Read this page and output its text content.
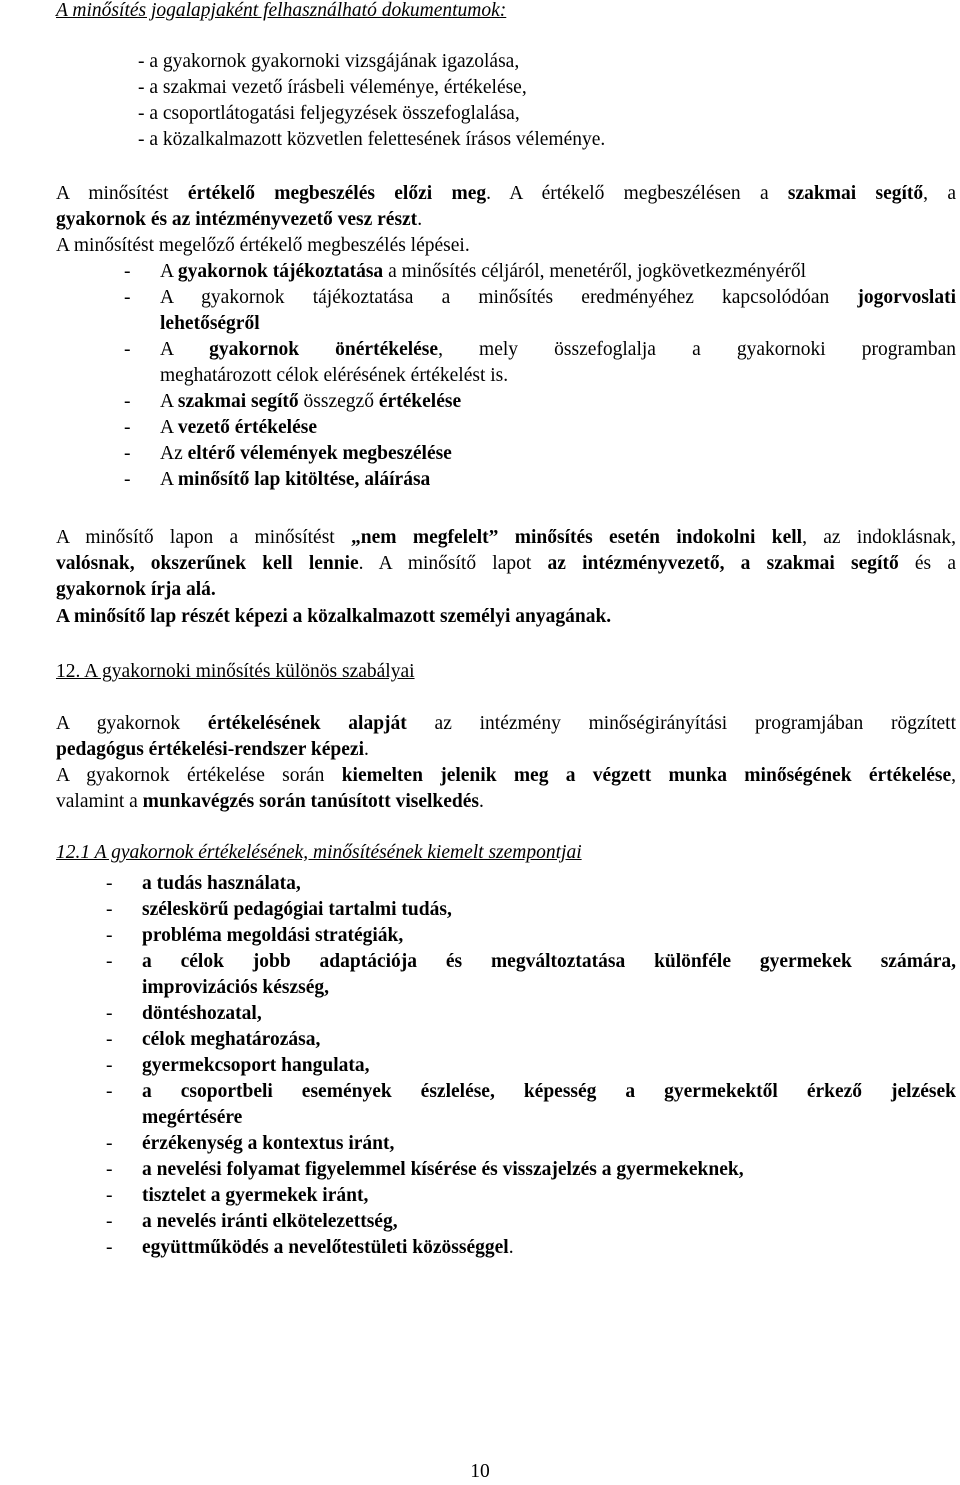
A minősítés jogalapjaként felhasználható dokumentumok:
- a gyakornok gyakornoki vizsgájának igazolása,
- a szakmai vezető írásbeli véleménye, értékelése,
- a csoportlátogatási feljegyzések összefoglalása,
- a közalkalmazott közvetlen felettesének írásos véleménye.
A minősítést értékelő megbeszélés előzi meg. A értékelő megbeszélésen a szakmai segítő, a
gyakornok és az intézményvezető vesz részt.
A minősítést megelőző értékelő megbeszélés lépései.
-	A gyakornok tájékoztatása a minősítés céljáról, menetéről, jogkövetkezményéről
-	A gyakornok tájékoztatása a minősítés eredményéhez kapcsolódóan jogorvoslati
lehetőségről
-	A gyakornok önértékelése, mely összefoglalja a gyakornoki programban
meghatározott célok elérésének értékelést is.
-	A szakmai segítő összegző értékelése
-	A vezető értékelése
-	Az eltérő vélemények megbeszélése
-	A minősítő lap kitöltése, aláírása
A minősítő lapon a minősítést „nem megfelelt” minősítés esetén indokolni kell, az indoklásnak,
valósnak, okszerűnek kell lennie. A minősítő lapot az intézményvezető, a szakmai segítő és a
gyakornok írja alá.
A minősítő lap részét képezi a közalkalmazott személyi anyagának.
12. A gyakornoki minősítés különös szabályai
A gyakornok értékelésének alapját az intézmény minőségirányítási programjában rögzített
pedagógus értékelési-rendszer képezi.
A gyakornok értékelése során kiemelten jelenik meg a végzett munka minőségének értékelése,
valamint a munkavégzés során tanúsított viselkedés.
12.1 A gyakornok értékelésének, minősítésének kiemelt szempontjai
-	a tudás használata,
-	széleskörű pedagógiai tartalmi tudás,
-	probléma megoldási stratégiák,
-	a célok jobb adaptációja és megváltoztatása különféle gyermekek számára,
improvizációs készség,
-	döntéshozatal,
-	célok meghatározása,
-	gyermekcsoport hangulata,
-	a csoportbeli események észlelése, képesség a gyermekektől érkező jelzések
megértésére
-	érzékenység a kontextus iránt,
-	a nevelési folyamat figyelemmel kísérése és visszajelzés a gyermekeknek,
-	tisztelet a gyermekek iránt,
-	a nevelés iránti elkötelezettség,
-	együttműködés a nevelőtestületi közösséggel.
10
